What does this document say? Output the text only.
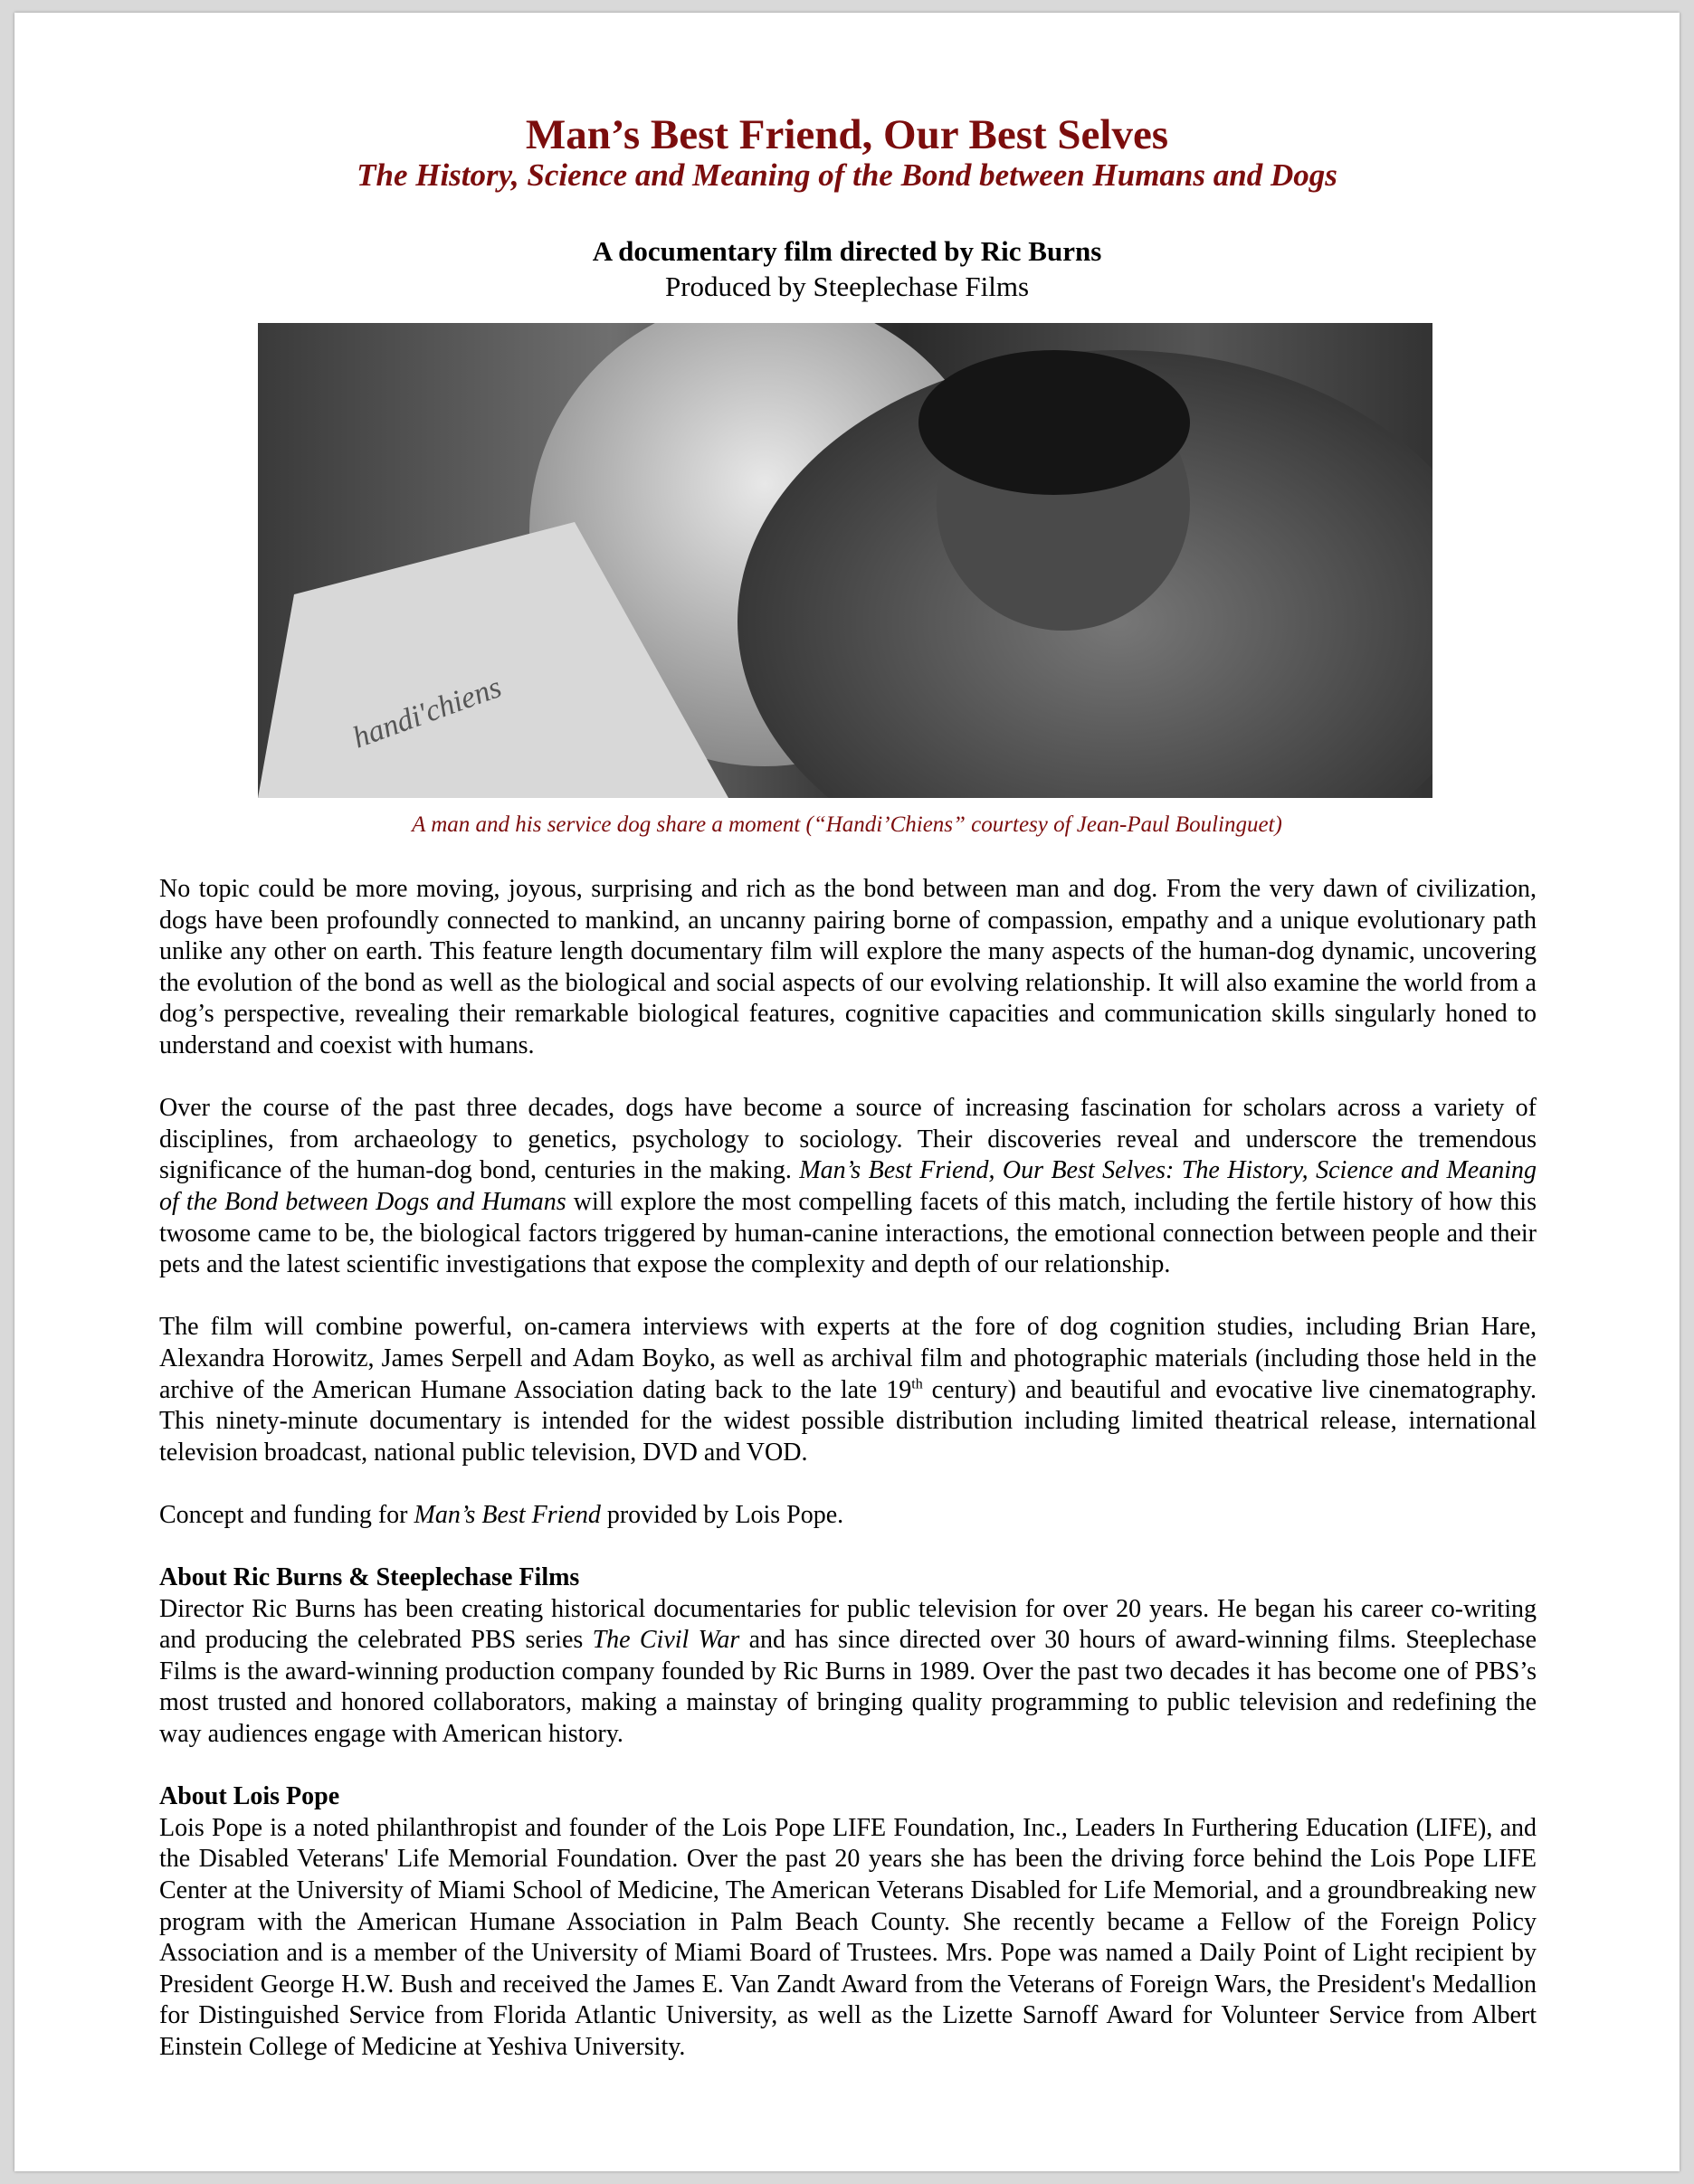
Man’s Best Friend, Our Best Selves
The History, Science and Meaning of the Bond between Humans and Dogs
A documentary film directed by Ric Burns
Produced by Steeplechase Films
handi'chiens
A man and his service dog share a moment (“Handi’Chiens” courtesy of Jean-Paul Boulinguet)

No topic could be more moving, joyous, surprising and rich as the bond between man and dog. From the very dawn of civilization, dogs have been profoundly connected to mankind, an uncanny pairing borne of compassion, empathy and a unique evolutionary path unlike any other on earth. This feature length documentary film will explore the many aspects of the human-dog dynamic, uncovering the evolution of the bond as well as the biological and social aspects of our evolving relationship. It will also examine the world from a dog’s perspective, revealing their remarkable biological features, cognitive capacities and communication skills singularly honed to understand and coexist with humans.

Over the course of the past three decades, dogs have become a source of increasing fascination for scholars across a variety of disciplines, from archaeology to genetics, psychology to sociology. Their discoveries reveal and underscore the tremendous significance of the human-dog bond, centuries in the making. Man’s Best Friend, Our Best Selves: The History, Science and Meaning of the Bond between Dogs and Humans will explore the most compelling facets of this match, including the fertile history of how this twosome came to be, the biological factors triggered by human-canine interactions, the emotional connection between people and their pets and the latest scientific investigations that expose the complexity and depth of our relationship.

The film will combine powerful, on-camera interviews with experts at the fore of dog cognition studies, including Brian Hare, Alexandra Horowitz, James Serpell and Adam Boyko, as well as archival film and photographic materials (including those held in the archive of the American Humane Association dating back to the late 19th century) and beautiful and evocative live cinematography. This ninety-minute documentary is intended for the widest possible distribution including limited theatrical release, international television broadcast, national public television, DVD and VOD.

Concept and funding for Man’s Best Friend provided by Lois Pope.

About Ric Burns & Steeplechase Films

Director Ric Burns has been creating historical documentaries for public television for over 20 years. He began his career co-writing and producing the celebrated PBS series The Civil War and has since directed over 30 hours of award-winning films. Steeplechase Films is the award-winning production company founded by Ric Burns in 1989. Over the past two decades it has become one of PBS’s most trusted and honored collaborators, making a mainstay of bringing quality programming to public television and redefining the way audiences engage with American history.

About Lois Pope

Lois Pope is a noted philanthropist and founder of the Lois Pope LIFE Foundation, Inc., Leaders In Furthering Education (LIFE), and the Disabled Veterans' Life Memorial Foundation. Over the past 20 years she has been the driving force behind the Lois Pope LIFE Center at the University of Miami School of Medicine, The American Veterans Disabled for Life Memorial, and a groundbreaking new program with the American Humane Association in Palm Beach County. She recently became a Fellow of the Foreign Policy Association and is a member of the University of Miami Board of Trustees. Mrs. Pope was named a Daily Point of Light recipient by President George H.W. Bush and received the James E. Van Zandt Award from the Veterans of Foreign Wars, the President's Medallion for Distinguished Service from Florida Atlantic University, as well as the Lizette Sarnoff Award for Volunteer Service from Albert Einstein College of Medicine at Yeshiva University.
